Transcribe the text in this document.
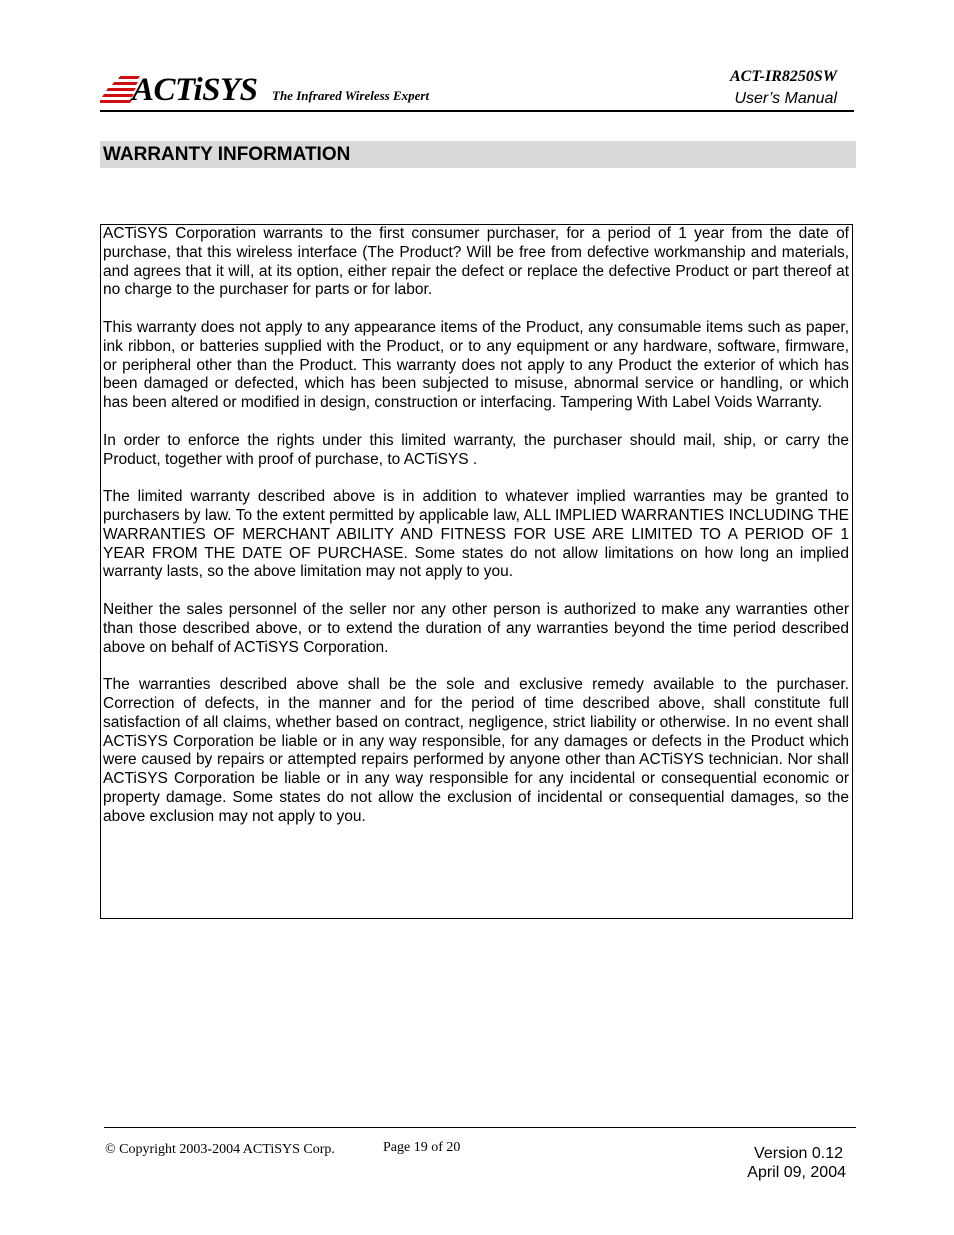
ACTiSYS The Infrared Wireless Expert
ACT-IR8250SW
User’s Manual
WARRANTY INFORMATION

ACTiSYS Corporation warrants to the first consumer purchaser, for a period of 1 year from the date of purchase, that this wireless interface (The Product? Will be free from defective workmanship and materials, and agrees that it will, at its option, either repair the defect or replace the defective Product or part thereof at no charge to the purchaser for parts or for labor.

This warranty does not apply to any appearance items of the Product, any consumable items such as paper, ink ribbon, or batteries supplied with the Product, or to any equipment or any hardware, software, firmware, or peripheral other than the Product. This warranty does not apply to any Product the exterior of which has been damaged or defected, which has been subjected to misuse, abnormal service or handling, or which has been altered or modified in design, construction or interfacing. Tampering With Label Voids Warranty.

In order to enforce the rights under this limited warranty, the purchaser should mail, ship, or carry the Product, together with proof of purchase, to ACTiSYS .

The limited warranty described above is in addition to whatever implied warranties may be granted to purchasers by law. To the extent permitted by applicable law, ALL IMPLIED WARRANTIES INCLUDING THE WARRANTIES OF MERCHANT ABILITY AND FITNESS FOR USE ARE LIMITED TO A PERIOD OF 1 YEAR FROM THE DATE OF PURCHASE. Some states do not allow limitations on how long an implied warranty lasts, so the above limitation may not apply to you.

Neither the sales personnel of the seller nor any other person is authorized to make any warranties other than those described above, or to extend the duration of any warranties beyond the time period described above on behalf of ACTiSYS Corporation.

The warranties described above shall be the sole and exclusive remedy available to the purchaser. Correction of defects, in the manner and for the period of time described above, shall constitute full satisfaction of all claims, whether based on contract, negligence, strict liability or otherwise. In no event shall ACTiSYS Corporation be liable or in any way responsible, for any damages or defects in the Product which were caused by repairs or attempted repairs performed by anyone other than ACTiSYS technician. Nor shall ACTiSYS Corporation be liable or in any way responsible for any incidental or consequential economic or property damage. Some states do not allow the exclusion of incidental or consequential damages, so the above exclusion may not apply to you.

© Copyright 2003-2004 ACTiSYS Corp.	Page 19 of 20	Version 0.12
April 09, 2004
